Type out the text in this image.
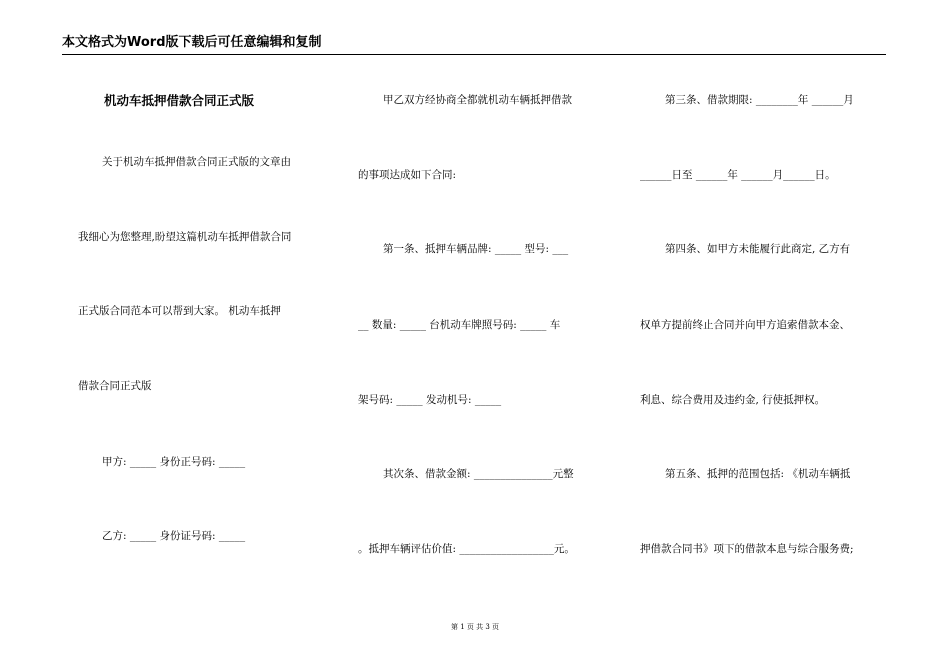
本文格式为Word版下载后可任意编辑和复制
机动车抵押借款合同正式版
关于机动车抵押借款合同正式版的文章由
我细心为您整理,盼望这篇机动车抵押借款合同
正式版合同范本可以帮到大家。 机动车抵押
借款合同正式版
甲方: _____ 身份正号码: _____
乙方: _____ 身份证号码: _____
甲乙双方经协商全都就机动车辆抵押借款
的事项达成如下合同:
第一条、抵押车辆品牌: _____ 型号: ___
__ 数量: _____ 台机动车牌照号码: _____ 车
架号码: _____ 发动机号: _____
其次条、借款金额: _______________元整
。抵押车辆评估价值: __________________元。
第三条、借款期限: ________年 ______月
______日至 ______年 ______月______日。
第四条、如甲方未能履行此商定, 乙方有
权单方提前终止合同并向甲方追索借款本金、
利息、综合费用及违约金, 行使抵押权。
第五条、抵押的范围包括: 《机动车辆抵
押借款合同书》项下的借款本息与综合服务费;
第 1 页 共 3 页
